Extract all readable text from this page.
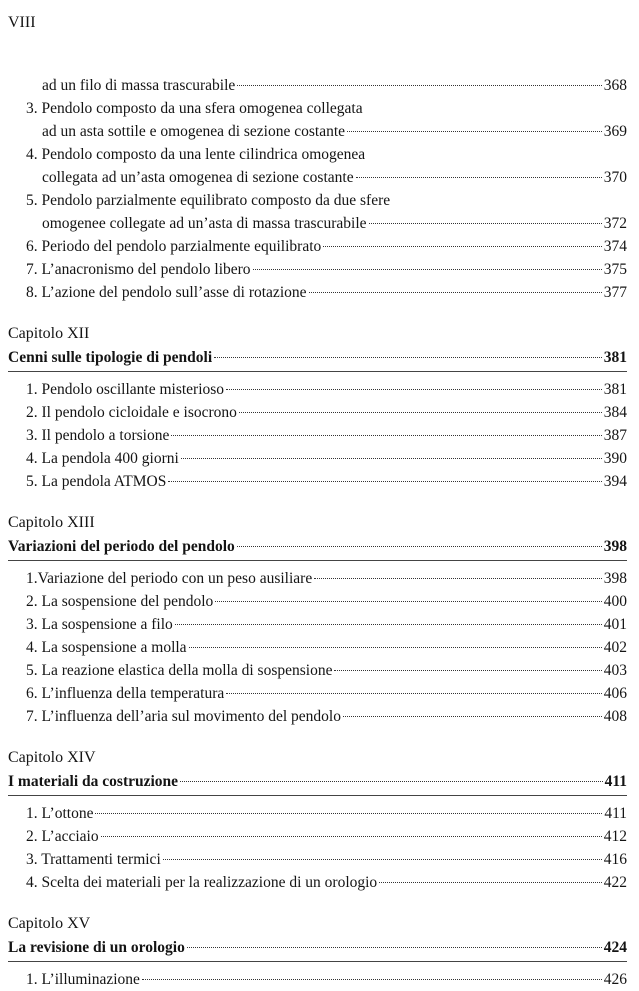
VIII
ad un filo di massa trascurabile	368
3. Pendolo composto da una sfera omogenea collegata
ad un asta sottile e omogenea di sezione costante	369
4. Pendolo composto da una lente cilindrica omogenea
collegata ad un’asta omogenea di sezione costante	370
5. Pendolo parzialmente equilibrato composto da due sfere
omogenee collegate ad un’asta di massa trascurabile	372
6. Periodo del pendolo parzialmente equilibrato	374
7. L’anacronismo del pendolo libero	375
8. L’azione del pendolo sull’asse di rotazione	377
Capitolo XII
Cenni sulle tipologie di pendoli	381
1. Pendolo oscillante misterioso	381
2. Il pendolo cicloidale e isocrono	384
3. Il pendolo a torsione	387
4. La pendola 400 giorni	390
5. La pendola ATMOS	394
Capitolo XIII
Variazioni del periodo del pendolo	398
1.Variazione del periodo con un peso ausiliare	398
2. La sospensione del pendolo	400
3. La sospensione a filo	401
4. La sospensione a molla	402
5. La reazione elastica della molla di sospensione	403
6. L’influenza della temperatura	406
7. L’influenza dell’aria sul movimento del pendolo	408
Capitolo XIV
I materiali da costruzione	411
1. L’ottone	411
2. L’acciaio	412
3. Trattamenti termici	416
4. Scelta dei materiali per la realizzazione di un orologio	422
Capitolo XV
La revisione di un orologio	424
1. L’illuminazione	426
